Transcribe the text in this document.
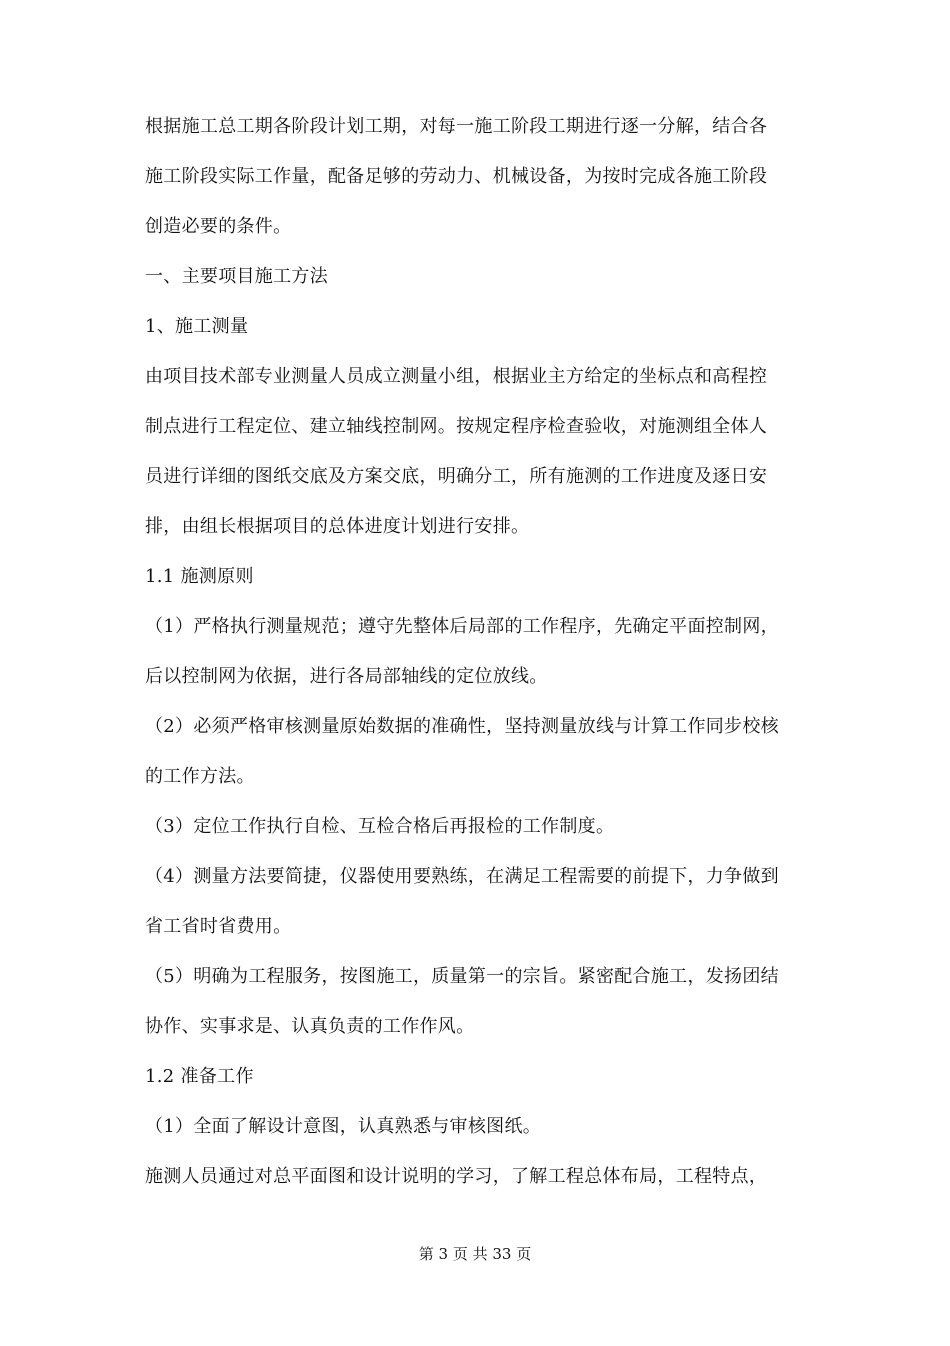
根据施工总工期各阶段计划工期，对每一施工阶段工期进行逐一分解，结合各
施工阶段实际工作量，配备足够的劳动力、机械设备，为按时完成各施工阶段
创造必要的条件。
一、主要项目施工方法
1、施工测量
由项目技术部专业测量人员成立测量小组，根据业主方给定的坐标点和高程控
制点进行工程定位、建立轴线控制网。按规定程序检查验收，对施测组全体人
员进行详细的图纸交底及方案交底，明确分工，所有施测的工作进度及逐日安
排，由组长根据项目的总体进度计划进行安排。
1.1 施测原则
（1）严格执行测量规范；遵守先整体后局部的工作程序，先确定平面控制网，
后以控制网为依据，进行各局部轴线的定位放线。
（2）必须严格审核测量原始数据的准确性，坚持测量放线与计算工作同步校核
的工作方法。
（3）定位工作执行自检、互检合格后再报检的工作制度。
（4）测量方法要简捷，仪器使用要熟练，在满足工程需要的前提下，力争做到
省工省时省费用。
（5）明确为工程服务，按图施工，质量第一的宗旨。紧密配合施工，发扬团结
协作、实事求是、认真负责的工作作风。
1.2 准备工作
（1）全面了解设计意图，认真熟悉与审核图纸。
施测人员通过对总平面图和设计说明的学习，了解工程总体布局，工程特点，
第 3 页 共 33 页
